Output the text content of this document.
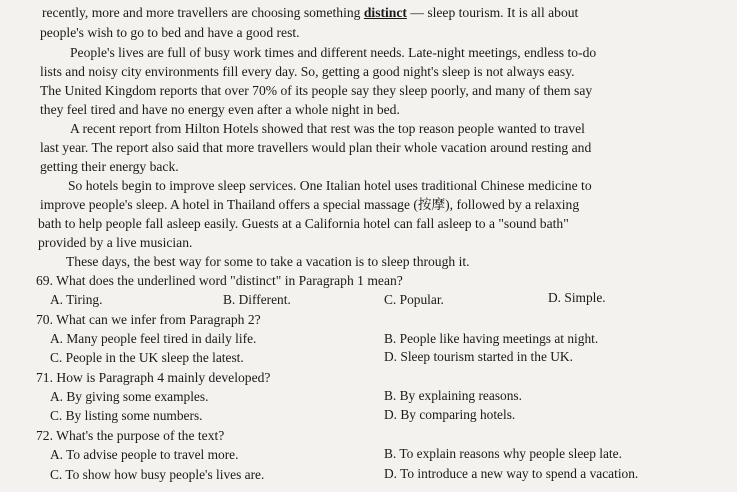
recently, more and more travellers are choosing something distinct — sleep tourism. It is all about
people's wish to go to bed and have a good rest.
People's lives are full of busy work times and different needs. Late-night meetings, endless to-do
lists and noisy city environments fill every day. So, getting a good night's sleep is not always easy.
The United Kingdom reports that over 70% of its people say they sleep poorly, and many of them say
they feel tired and have no energy even after a whole night in bed.
A recent report from Hilton Hotels showed that rest was the top reason people wanted to travel
last year. The report also said that more travellers would plan their whole vacation around resting and
getting their energy back.
So hotels begin to improve sleep services. One Italian hotel uses traditional Chinese medicine to
improve people's sleep. A hotel in Thailand offers a special massage (按摩), followed by a relaxing
bath to help people fall asleep easily. Guests at a California hotel can fall asleep to a "sound bath"
provided by a live musician.
These days, the best way for some to take a vacation is to sleep through it.
69. What does the underlined word "distinct" in Paragraph 1 mean?
A. Tiring.	B. Different.	C. Popular.	D. Simple.
70. What can we infer from Paragraph 2?
A. Many people feel tired in daily life.	B. People like having meetings at night.
C. People in the UK sleep the latest.	D. Sleep tourism started in the UK.
71. How is Paragraph 4 mainly developed?
A. By giving some examples.	B. By explaining reasons.
C. By listing some numbers.	D. By comparing hotels.
72. What's the purpose of the text?
A. To advise people to travel more.	B. To explain reasons why people sleep late.
C. To show how busy people's lives are.	D. To introduce a new way to spend a vacation.
